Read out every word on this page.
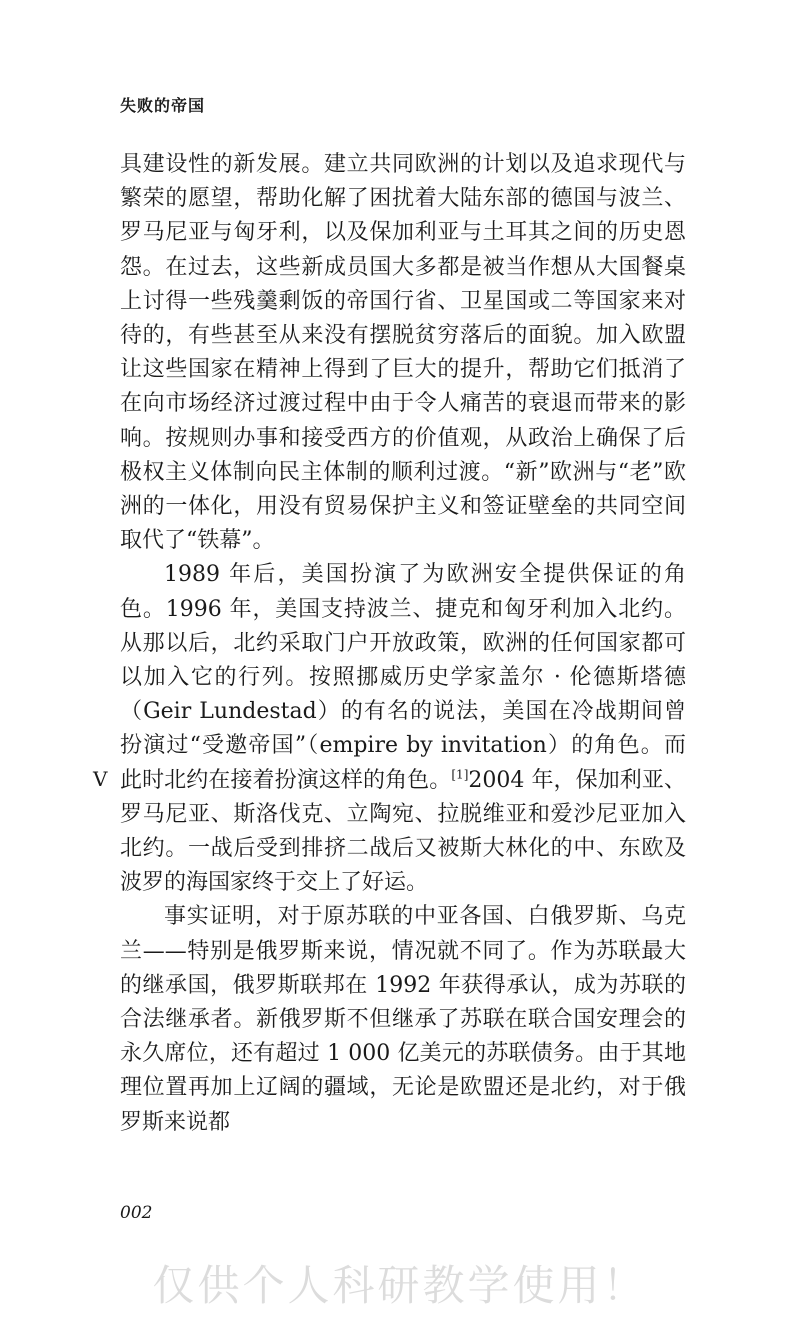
失败的帝国

具建设性的新发展。建立共同欧洲的计划以及追求现代与繁荣的愿望，帮助化解了困扰着大陆东部的德国与波兰、罗马尼亚与匈牙利，以及保加利亚与土耳其之间的历史恩怨。在过去，这些新成员国大多都是被当作想从大国餐桌上讨得一些残羹剩饭的帝国行省、卫星国或二等国家来对待的，有些甚至从来没有摆脱贫穷落后的面貌。加入欧盟让这些国家在精神上得到了巨大的提升，帮助它们抵消了在向市场经济过渡过程中由于令人痛苦的衰退而带来的影响。按规则办事和接受西方的价值观，从政治上确保了后极权主义体制向民主体制的顺利过渡。“新”欧洲与“老”欧洲的一体化，用没有贸易保护主义和签证壁垒的共同空间取代了“铁幕”。

1989 年后，美国扮演了为欧洲安全提供保证的角色。1996 年，美国支持波兰、捷克和匈牙利加入北约。从那以后，北约采取门户开放政策，欧洲的任何国家都可以加入它的行列。按照挪威历史学家盖尔 · 伦德斯塔德（Geir Lundestad）的有名的说法，美国在冷战期间曾扮演过“受邀帝国”（empire by invitation）的角色。而此时北约在接着扮演这样的角色。[1]2004 年，保加利亚、罗马尼亚、斯洛伐克、立陶宛、拉脱维亚和爱沙尼亚加入北约。一战后受到排挤二战后又被斯大林化的中、东欧及波罗的海国家终于交上了好运。

事实证明，对于原苏联的中亚各国、白俄罗斯、乌克兰——特别是俄罗斯来说，情况就不同了。作为苏联最大的继承国，俄罗斯联邦在 1992 年获得承认，成为苏联的合法继承者。新俄罗斯不但继承了苏联在联合国安理会的永久席位，还有超过 1 000 亿美元的苏联债务。由于其地理位置再加上辽阔的疆域，无论是欧盟还是北约，对于俄罗斯来说都

V
002
仅供个人科研教学使用！
